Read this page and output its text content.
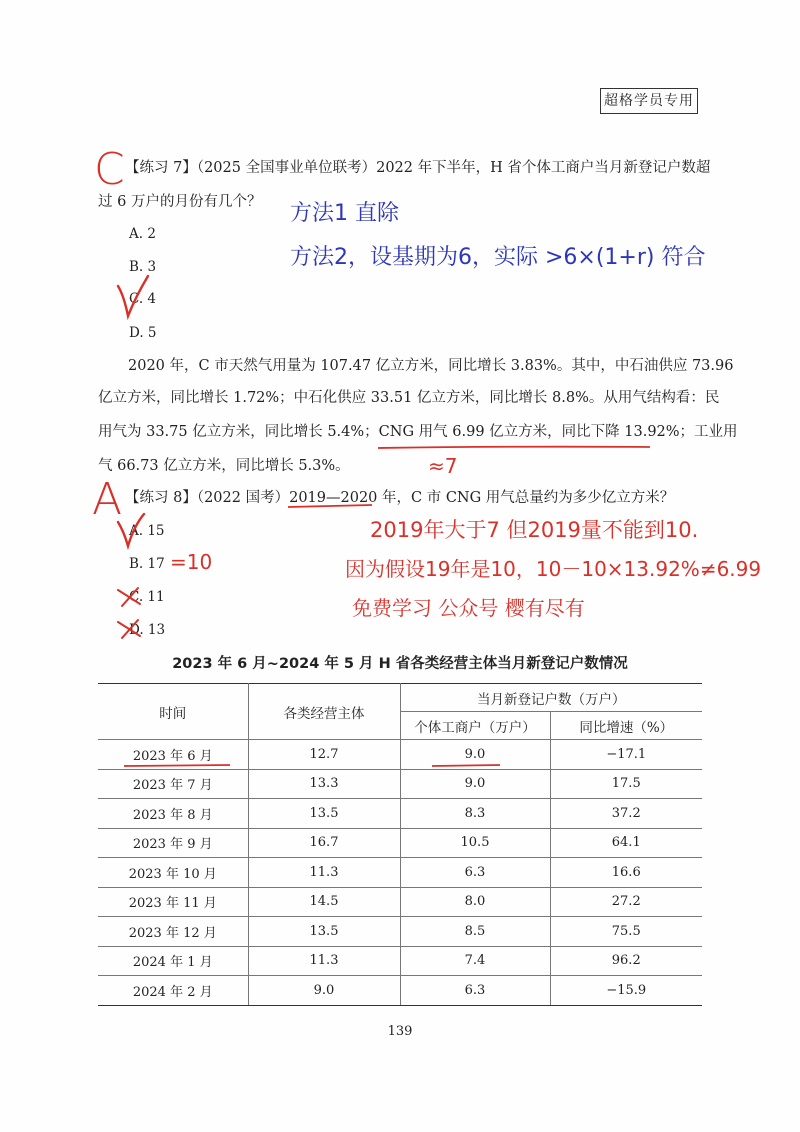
超格学员专用
C 【练习 7】（2025 全国事业单位联考）2022 年下半年，H 省个体工商户当月新登记户数超
过 6 万户的月份有几个？
A. 2
B. 3
C. 4
D. 5
方法1 直除
方法2，设基期为6，实际 >6×(1+r) 符合
2020 年，C 市天然气用量为 107.47 亿立方米，同比增长 3.83%。其中，中石油供应 73.96
亿立方米，同比增长 1.72%；中石化供应 33.51 亿立方米，同比增长 8.8%。从用气结构看：民
用气为 33.75 亿立方米，同比增长 5.4%；CNG 用气 6.99 亿立方米，同比下降 13.92%；工业用
气 66.73 亿立方米，同比增长 5.3%。	≈7
A 【练习 8】（2022 国考）2019—2020 年，C 市 CNG 用气总量约为多少亿立方米？
A. 15
B. 17
C. 11
D. 13
=10
2019年大于7 但2019量不能到10.
因为假设19年是10，10－10×13.92%≠6.99
免费学习 公众号 樱有尽有
2023 年 6 月~2024 年 5 月 H 省各类经营主体当月新登记户数情况
时间	各类经营主体	当月新登记户数（万户）	
		个体工商户（万户）	同比增速（%）
2023 年 6 月	12.7	9.0	−17.1
2023 年 7 月	13.3	9.0	17.5
2023 年 8 月	13.5	8.3	37.2
2023 年 9 月	16.7	10.5	64.1
2023 年 10 月	11.3	6.3	16.6
2023 年 11 月	14.5	8.0	27.2
2023 年 12 月	13.5	8.5	75.5
2024 年 1 月	11.3	7.4	96.2
2024 年 2 月	9.0	6.3	−15.9
139
